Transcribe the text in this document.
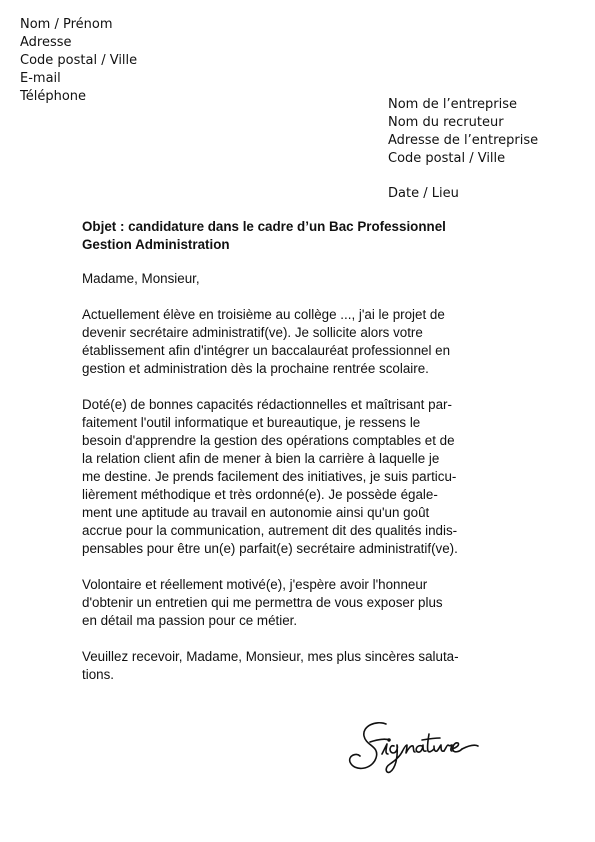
Nom / Prénom
Adresse
Code postal / Ville
E-mail
Téléphone
Nom de l’entreprise
Nom du recruteur
Adresse de l’entreprise
Code postal / Ville
Date / Lieu
Objet : candidature dans le cadre d’un Bac Professionnel
Gestion Administration

Madame, Monsieur,

Actuellement élève en troisième au collège ..., j'ai le projet de
devenir secrétaire administratif(ve). Je sollicite alors votre
établissement afin d'intégrer un baccalauréat professionnel en
gestion et administration dès la prochaine rentrée scolaire.

Doté(e) de bonnes capacités rédactionnelles et maîtrisant par-
faitement l'outil informatique et bureautique, je ressens le
besoin d'apprendre la gestion des opérations comptables et de
la relation client afin de mener à bien la carrière à laquelle je
me destine. Je prends facilement des initiatives, je suis particu-
lièrement méthodique et très ordonné(e). Je possède égale-
ment une aptitude au travail en autonomie ainsi qu'un goût
accrue pour la communication, autrement dit des qualités indis-
pensables pour être un(e) parfait(e) secrétaire administratif(ve).

Volontaire et réellement motivé(e), j'espère avoir l'honneur
d'obtenir un entretien qui me permettra de vous exposer plus
en détail ma passion pour ce métier.

Veuillez recevoir, Madame, Monsieur, mes plus sincères saluta-
tions.
